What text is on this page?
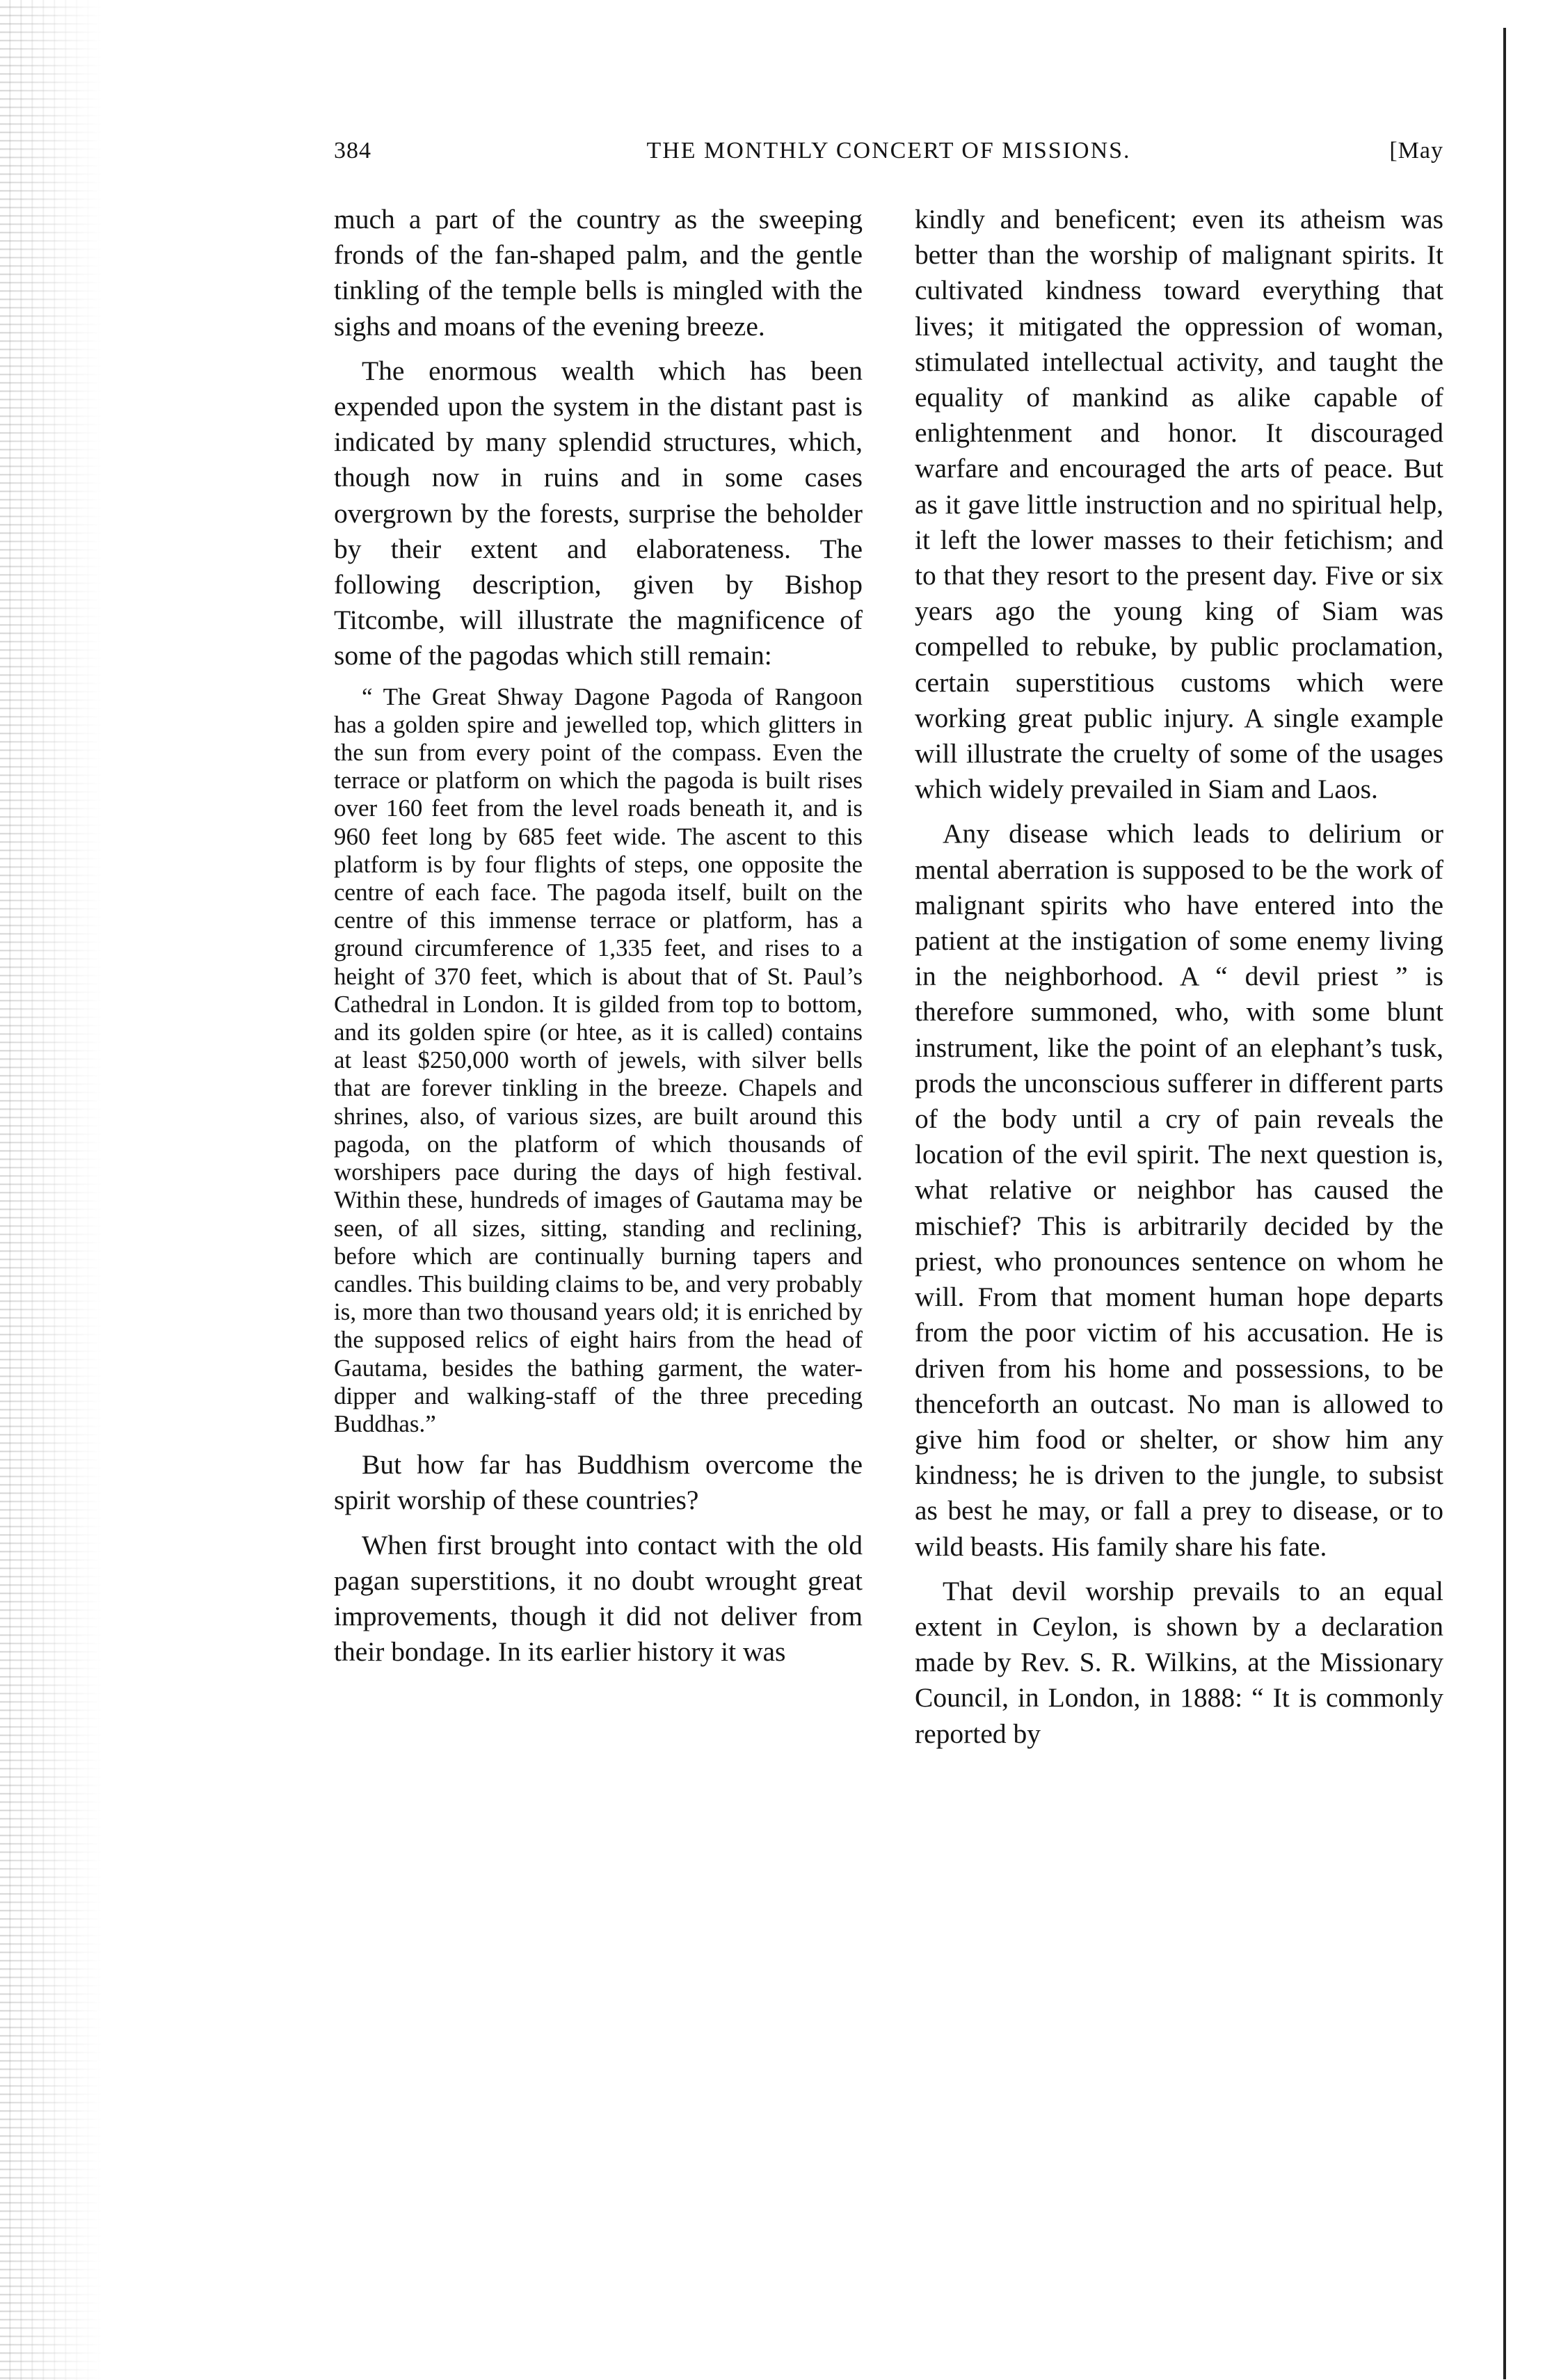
384	THE MONTHLY CONCERT OF MISSIONS.	[May

much a part of the country as the sweeping fronds of the fan-shaped palm, and the gentle tinkling of the temple bells is mingled with the sighs and moans of the evening breeze.

The enormous wealth which has been expended upon the system in the distant past is indicated by many splendid structures, which, though now in ruins and in some cases overgrown by the forests, surprise the beholder by their extent and elaborateness. The following description, given by Bishop Titcombe, will illustrate the magnificence of some of the pagodas which still remain:

“ The Great Shway Dagone Pagoda of Rangoon has a golden spire and jewelled top, which glitters in the sun from every point of the compass. Even the terrace or platform on which the pagoda is built rises over 160 feet from the level roads beneath it, and is 960 feet long by 685 feet wide. The ascent to this platform is by four flights of steps, one opposite the centre of each face. The pagoda itself, built on the centre of this immense terrace or platform, has a ground circumference of 1,335 feet, and rises to a height of 370 feet, which is about that of St. Paul’s Cathedral in London. It is gilded from top to bottom, and its golden spire (or htee, as it is called) contains at least $250,000 worth of jewels, with silver bells that are forever tinkling in the breeze. Chapels and shrines, also, of various sizes, are built around this pagoda, on the platform of which thousands of worshipers pace during the days of high festival. Within these, hundreds of images of Gautama may be seen, of all sizes, sitting, standing and reclining, before which are continually burning tapers and candles. This building claims to be, and very probably is, more than two thousand years old; it is enriched by the supposed relics of eight hairs from the head of Gautama, besides the bathing garment, the water-dipper and walking-staff of the three preceding Buddhas.”

But how far has Buddhism overcome the spirit worship of these countries?

When first brought into contact with the old pagan superstitions, it no doubt wrought great improvements, though it did not deliver from their bondage. In its earlier history it was

kindly and beneficent; even its atheism was better than the worship of malignant spirits. It cultivated kindness toward everything that lives; it mitigated the oppression of woman, stimulated intellectual activity, and taught the equality of mankind as alike capable of enlightenment and honor. It discouraged warfare and encouraged the arts of peace. But as it gave little instruction and no spiritual help, it left the lower masses to their fetichism; and to that they resort to the present day. Five or six years ago the young king of Siam was compelled to rebuke, by public proclamation, certain superstitious customs which were working great public injury. A single example will illustrate the cruelty of some of the usages which widely prevailed in Siam and Laos.

Any disease which leads to delirium or mental aberration is supposed to be the work of malignant spirits who have entered into the patient at the instigation of some enemy living in the neighborhood. A “ devil priest ” is therefore summoned, who, with some blunt instrument, like the point of an elephant’s tusk, prods the unconscious sufferer in different parts of the body until a cry of pain reveals the location of the evil spirit. The next question is, what relative or neighbor has caused the mischief? This is arbitrarily decided by the priest, who pronounces sentence on whom he will. From that moment human hope departs from the poor victim of his accusation. He is driven from his home and possessions, to be thenceforth an outcast. No man is allowed to give him food or shelter, or show him any kindness; he is driven to the jungle, to subsist as best he may, or fall a prey to disease, or to wild beasts. His family share his fate.

That devil worship prevails to an equal extent in Ceylon, is shown by a declaration made by Rev. S. R. Wilkins, at the Missionary Council, in London, in 1888: “ It is commonly reported by
